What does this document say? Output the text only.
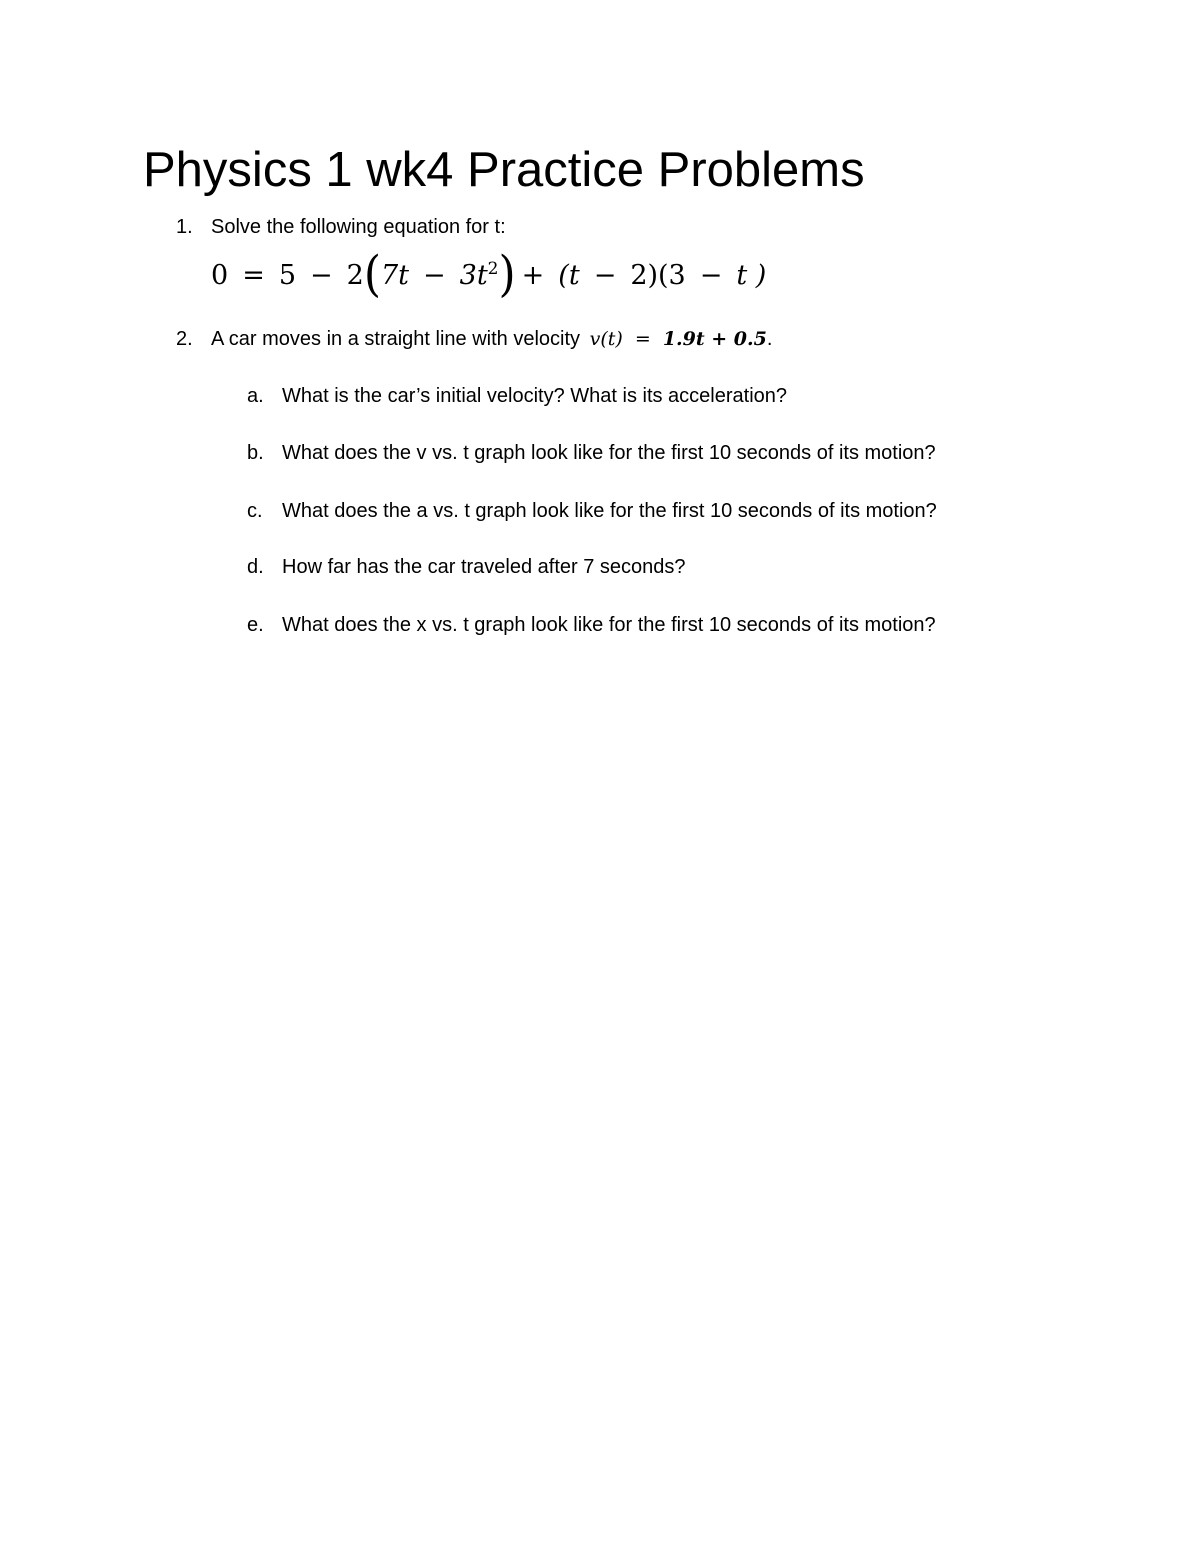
Physics 1 wk4 Practice Problems
1. Solve the following equation for t:
0 = 5 − 2 ( $7t - 3t^2$ ) + (t − 2)(3 − t )
2. A car moves in a straight line with velocity v(t) = 1.9t + 0.5.
a. What is the car’s initial velocity? What is its acceleration?
b. What does the v vs. t graph look like for the first 10 seconds of its motion?
c. What does the a vs. t graph look like for the first 10 seconds of its motion?
d. How far has the car traveled after 7 seconds?
e. What does the x vs. t graph look like for the first 10 seconds of its motion?
